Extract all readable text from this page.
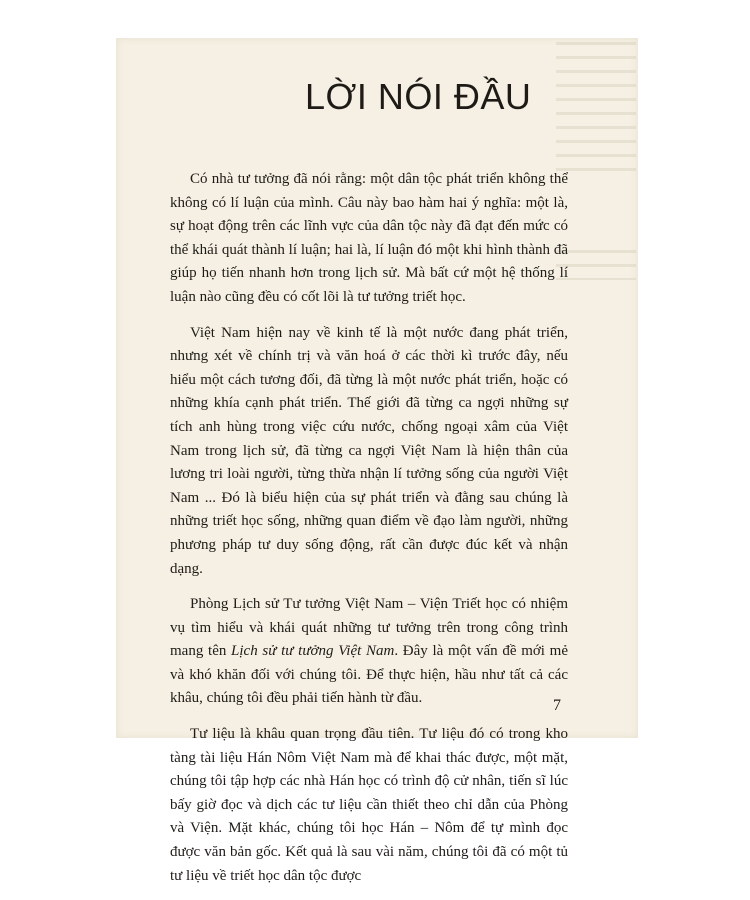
LỜI NÓI ĐẦU

Có nhà tư tưởng đã nói rằng: một dân tộc phát triển không thể không có lí luận của mình. Câu này bao hàm hai ý nghĩa: một là, sự hoạt động trên các lĩnh vực của dân tộc này đã đạt đến mức có thể khái quát thành lí luận; hai là, lí luận đó một khi hình thành đã giúp họ tiến nhanh hơn trong lịch sử. Mà bất cứ một hệ thống lí luận nào cũng đều có cốt lõi là tư tưởng triết học.

Việt Nam hiện nay về kinh tế là một nước đang phát triển, nhưng xét về chính trị và văn hoá ở các thời kì trước đây, nếu hiểu một cách tương đối, đã từng là một nước phát triển, hoặc có những khía cạnh phát triển. Thế giới đã từng ca ngợi những sự tích anh hùng trong việc cứu nước, chống ngoại xâm của Việt Nam trong lịch sử, đã từng ca ngợi Việt Nam là hiện thân của lương tri loài người, từng thừa nhận lí tưởng sống của người Việt Nam ... Đó là biểu hiện của sự phát triển và đằng sau chúng là những triết học sống, những quan điểm về đạo làm người, những phương pháp tư duy sống động, rất cần được đúc kết và nhận dạng.

Phòng Lịch sử Tư tưởng Việt Nam – Viện Triết học có nhiệm vụ tìm hiểu và khái quát những tư tưởng trên trong công trình mang tên Lịch sử tư tưởng Việt Nam. Đây là một vấn đề mới mẻ và khó khăn đối với chúng tôi. Để thực hiện, hầu như tất cả các khâu, chúng tôi đều phải tiến hành từ đầu.

Tư liệu là khâu quan trọng đầu tiên. Tư liệu đó có trong kho tàng tài liệu Hán Nôm Việt Nam mà để khai thác được, một mặt, chúng tôi tập hợp các nhà Hán học có trình độ cử nhân, tiến sĩ lúc bấy giờ đọc và dịch các tư liệu cần thiết theo chỉ dẫn của Phòng và Viện. Mặt khác, chúng tôi học Hán – Nôm để tự mình đọc được văn bản gốc. Kết quả là sau vài năm, chúng tôi đã có một tủ tư liệu về triết học dân tộc được

7
